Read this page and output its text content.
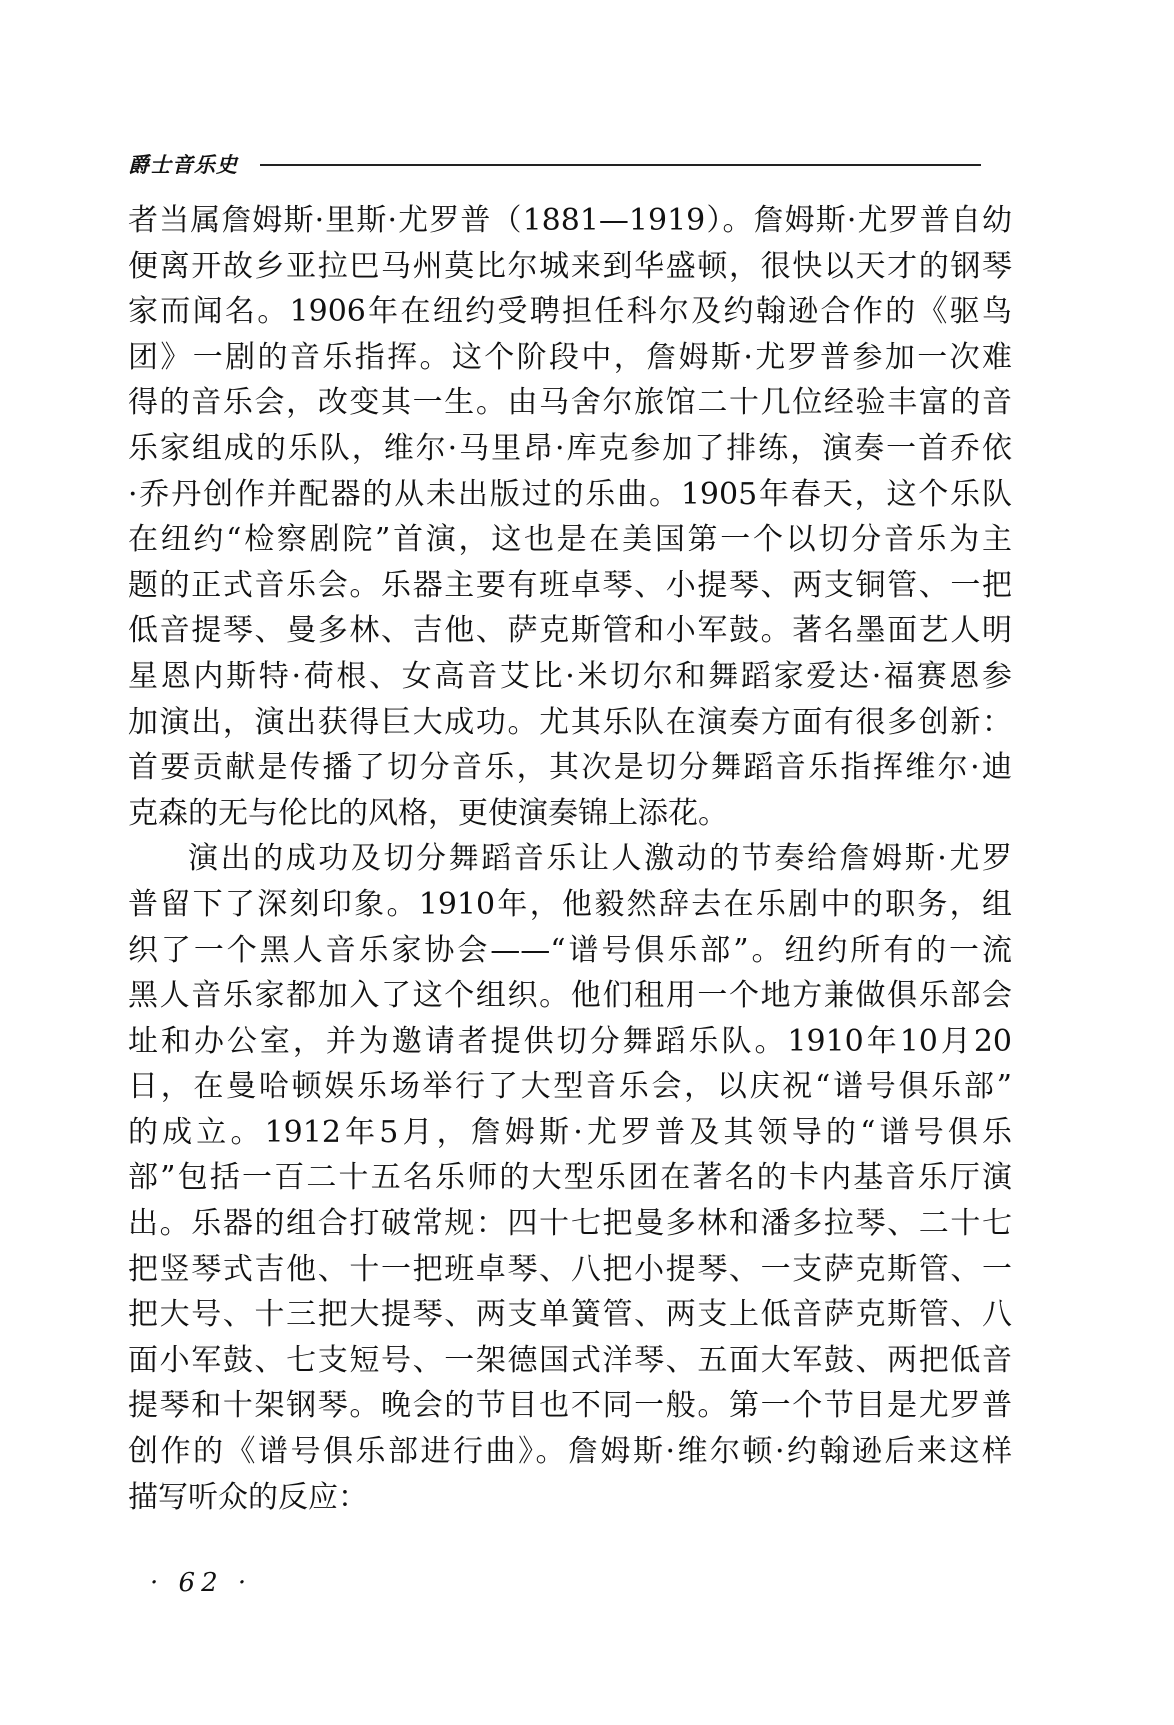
爵士音乐史
者当属詹姆斯·里斯·尤罗普（1881—1919）。詹姆斯·尤罗普自幼
便离开故乡亚拉巴马州莫比尔城来到华盛顿，很快以天才的钢琴
家而闻名。1906年在纽约受聘担任科尔及约翰逊合作的《驱鸟
团》一剧的音乐指挥。这个阶段中，詹姆斯·尤罗普参加一次难
得的音乐会，改变其一生。由马舍尔旅馆二十几位经验丰富的音
乐家组成的乐队，维尔·马里昂·库克参加了排练，演奏一首乔依
·乔丹创作并配器的从未出版过的乐曲。1905年春天，这个乐队
在纽约“检察剧院”首演，这也是在美国第一个以切分音乐为主
题的正式音乐会。乐器主要有班卓琴、小提琴、两支铜管、一把
低音提琴、曼多林、吉他、萨克斯管和小军鼓。著名墨面艺人明
星恩内斯特·荷根、女高音艾比·米切尔和舞蹈家爱达·福赛恩参
加演出，演出获得巨大成功。尤其乐队在演奏方面有很多创新：
首要贡献是传播了切分音乐，其次是切分舞蹈音乐指挥维尔·迪
克森的无与伦比的风格，更使演奏锦上添花。
演出的成功及切分舞蹈音乐让人激动的节奏给詹姆斯·尤罗
普留下了深刻印象。1910年，他毅然辞去在乐剧中的职务，组
织了一个黑人音乐家协会——“谱号俱乐部”。纽约所有的一流
黑人音乐家都加入了这个组织。他们租用一个地方兼做俱乐部会
址和办公室，并为邀请者提供切分舞蹈乐队。1910年10月20
日，在曼哈顿娱乐场举行了大型音乐会，以庆祝“谱号俱乐部”
的成立。1912年5月，詹姆斯·尤罗普及其领导的“谱号俱乐
部”包括一百二十五名乐师的大型乐团在著名的卡内基音乐厅演
出。乐器的组合打破常规：四十七把曼多林和潘多拉琴、二十七
把竖琴式吉他、十一把班卓琴、八把小提琴、一支萨克斯管、一
把大号、十三把大提琴、两支单簧管、两支上低音萨克斯管、八
面小军鼓、七支短号、一架德国式洋琴、五面大军鼓、两把低音
提琴和十架钢琴。晚会的节目也不同一般。第一个节目是尤罗普
创作的《谱号俱乐部进行曲》。詹姆斯·维尔顿·约翰逊后来这样
描写听众的反应：
· 62 ·
